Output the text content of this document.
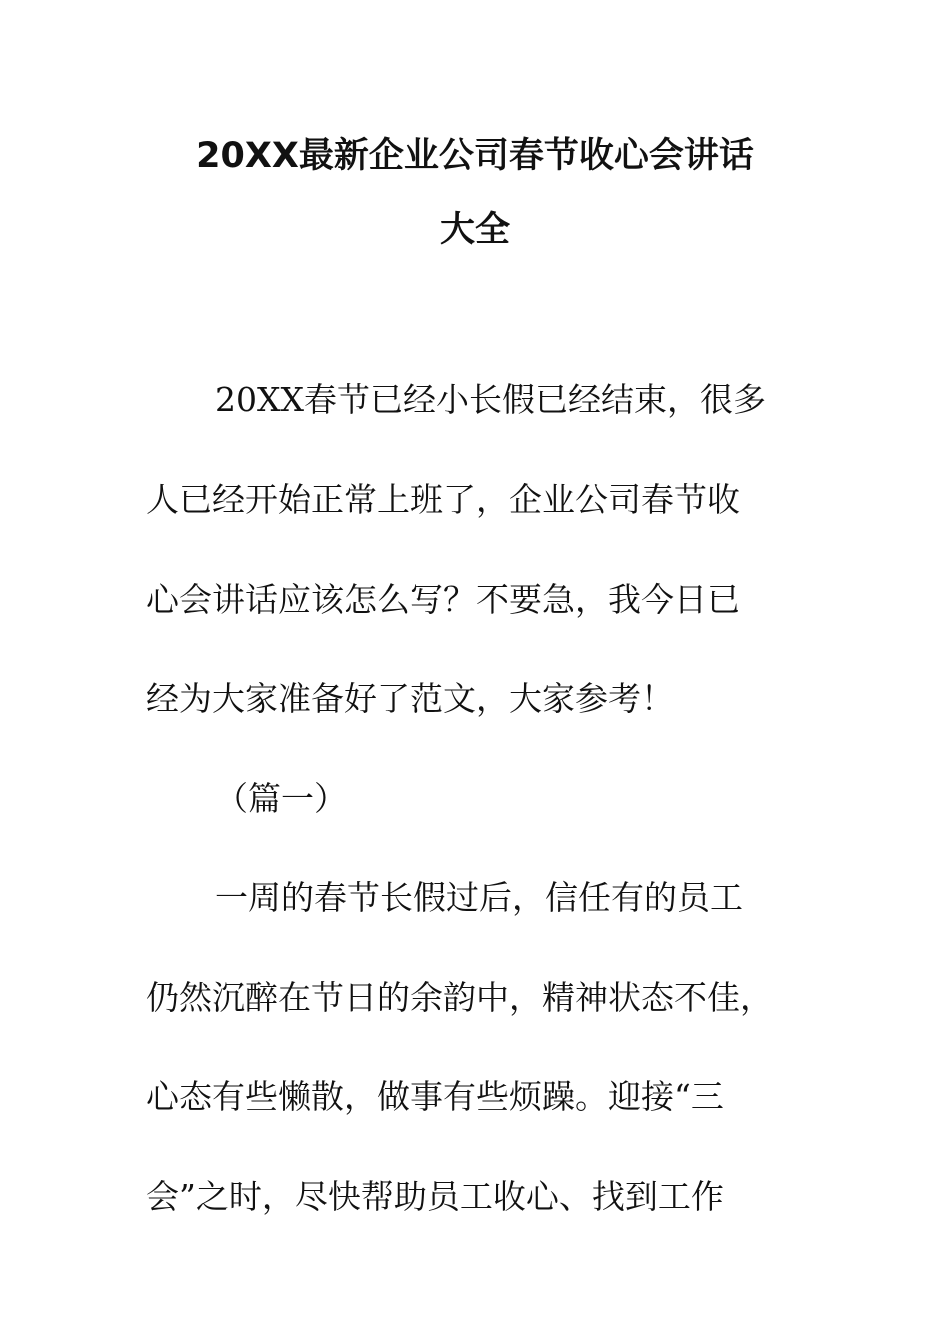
20XX最新企业公司春节收心会讲话
大全
20XX春节已经小长假已经结束，很多
人已经开始正常上班了，企业公司春节收
心会讲话应该怎么写？不要急，我今日已
经为大家准备好了范文，大家参考！
（篇一）
一周的春节长假过后，信任有的员工
仍然沉醉在节日的余韵中，精神状态不佳，
心态有些懒散，做事有些烦躁。迎接“三
会”之时，尽快帮助员工收心、找到工作
